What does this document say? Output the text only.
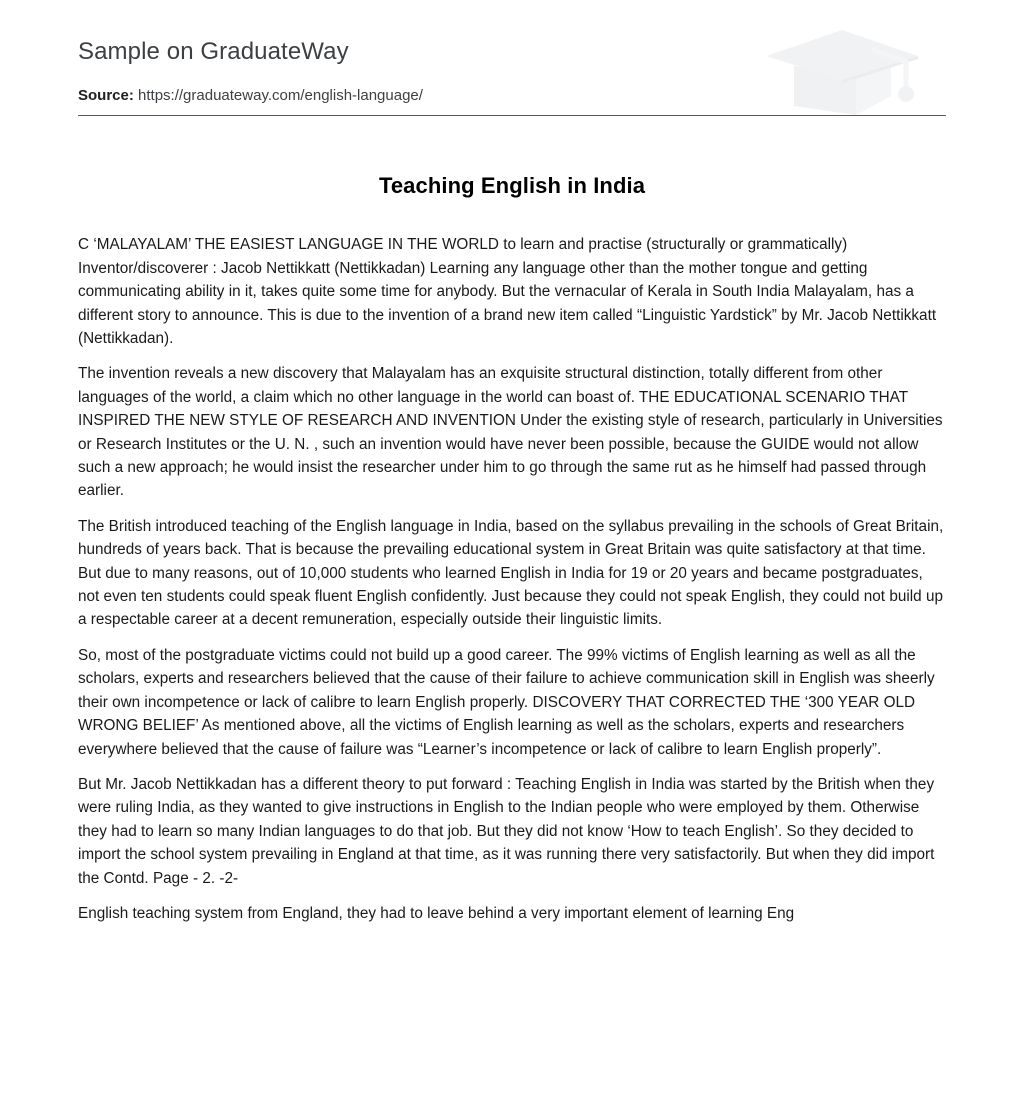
Sample on GraduateWay
Source: https://graduateway.com/english-language/
Teaching English in India

C ‘MALAYALAM’ THE EASIEST LANGUAGE IN THE WORLD to learn and practise (structurally or grammatically) Inventor/discoverer : Jacob Nettikkatt (Nettikkadan) Learning any language other than the mother tongue and getting communicating ability in it, takes quite some time for anybody. But the vernacular of Kerala in South India Malayalam, has a different story to announce. This is due to the invention of a brand new item called “Linguistic Yardstick” by Mr. Jacob Nettikkatt (Nettikkadan).

The invention reveals a new discovery that Malayalam has an exquisite structural distinction, totally different from other languages of the world, a claim which no other language in the world can boast of. THE EDUCATIONAL SCENARIO THAT INSPIRED THE NEW STYLE OF RESEARCH AND INVENTION Under the existing style of research, particularly in Universities or Research Institutes or the U. N. , such an invention would have never been possible, because the GUIDE would not allow such a new approach; he would insist the researcher under him to go through the same rut as he himself had passed through earlier.

The British introduced teaching of the English language in India, based on the syllabus prevailing in the schools of Great Britain, hundreds of years back. That is because the prevailing educational system in Great Britain was quite satisfactory at that time. But due to many reasons, out of 10,000 students who learned English in India for 19 or 20 years and became postgraduates, not even ten students could speak fluent English confidently. Just because they could not speak English, they could not build up a respectable career at a decent remuneration, especially outside their linguistic limits.

So, most of the postgraduate victims could not build up a good career. The 99% victims of English learning as well as all the scholars, experts and researchers believed that the cause of their failure to achieve communication skill in English was sheerly their own incompetence or lack of calibre to learn English properly. DISCOVERY THAT CORRECTED THE ‘300 YEAR OLD WRONG BELIEF’ As mentioned above, all the victims of English learning as well as the scholars, experts and researchers everywhere believed that the cause of failure was “Learner’s incompetence or lack of calibre to learn English properly”.

But Mr. Jacob Nettikkadan has a different theory to put forward : Teaching English in India was started by the British when they were ruling India, as they wanted to give instructions in English to the Indian people who were employed by them. Otherwise they had to learn so many Indian languages to do that job. But they did not know ‘How to teach English’. So they decided to import the school system prevailing in England at that time, as it was running there very satisfactorily. But when they did import the Contd. Page - 2. -2-

English teaching system from England, they had to leave behind a very important element of learning Eng
